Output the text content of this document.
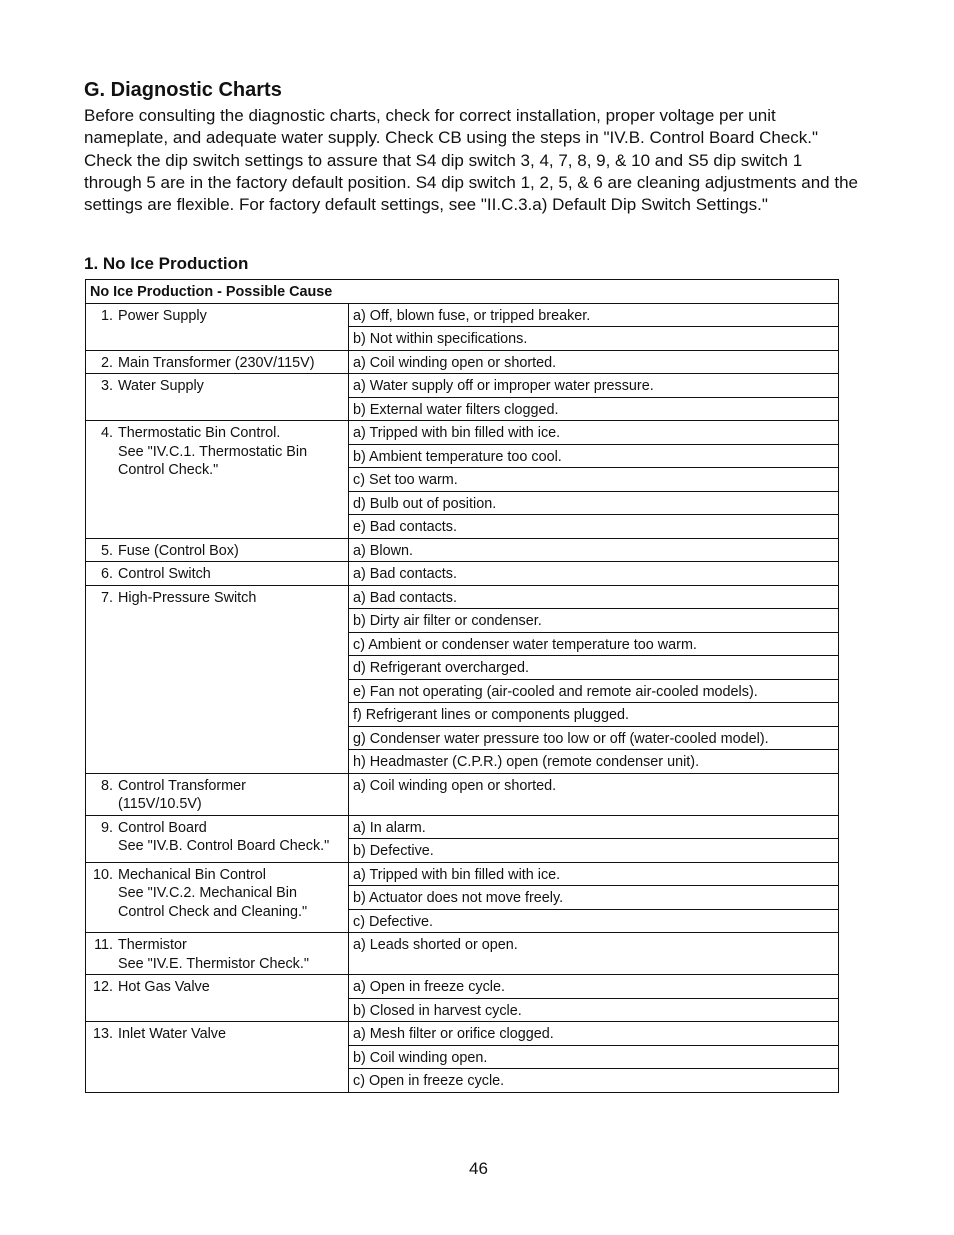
G. Diagnostic Charts
Before consulting the diagnostic charts, check for correct installation, proper voltage per unit nameplate, and adequate water supply. Check CB using the steps in "IV.B. Control Board Check." Check the dip switch settings to assure that S4 dip switch 3, 4, 7, 8, 9, & 10 and S5 dip switch 1 through 5 are in the factory default position. S4 dip switch 1, 2, 5, & 6 are cleaning adjustments and the settings are flexible. For factory default settings, see "II.C.3.a) Default Dip Switch Settings."
1. No Ice Production
No Ice Production - Possible Cause	

1. Power Supply	a) Off, blown fuse, or tripped breaker.
	b) Not within specifications.

2. Main Transformer (230V/115V)	a) Coil winding open or shorted.

3. Water Supply	a) Water supply off or improper water pressure.
	b) External water filters clogged.

4. Thermostatic Bin Control.
See "IV.C.1. Thermostatic Bin
Control Check."	a) Tripped with bin filled with ice.
	b) Ambient temperature too cool.
	c) Set too warm.
	d) Bulb out of position.
	e) Bad contacts.

5. Fuse (Control Box)	a) Blown.

6. Control Switch	a) Bad contacts.

7. High-Pressure Switch	a) Bad contacts.
	b) Dirty air filter or condenser.
	c) Ambient or condenser water temperature too warm.
	d) Refrigerant overcharged.
	e) Fan not operating (air-cooled and remote air-cooled models).
	f) Refrigerant lines or components plugged.
	g) Condenser water pressure too low or off (water-cooled model).
	h) Headmaster (C.P.R.) open (remote condenser unit).

8. Control Transformer
(115V/10.5V)	a) Coil winding open or shorted.

9. Control Board
See "IV.B. Control Board Check."	a) In alarm.
	b) Defective.

10. Mechanical Bin Control
See "IV.C.2. Mechanical Bin
Control Check and Cleaning."	a) Tripped with bin filled with ice.
	b) Actuator does not move freely.
	c) Defective.

11. Thermistor
See "IV.E. Thermistor Check."	a) Leads shorted or open.

12. Hot Gas Valve	a) Open in freeze cycle.
	b) Closed in harvest cycle.

13. Inlet Water Valve	a) Mesh filter or orifice clogged.
	b) Coil winding open.
	c) Open in freeze cycle.
46
